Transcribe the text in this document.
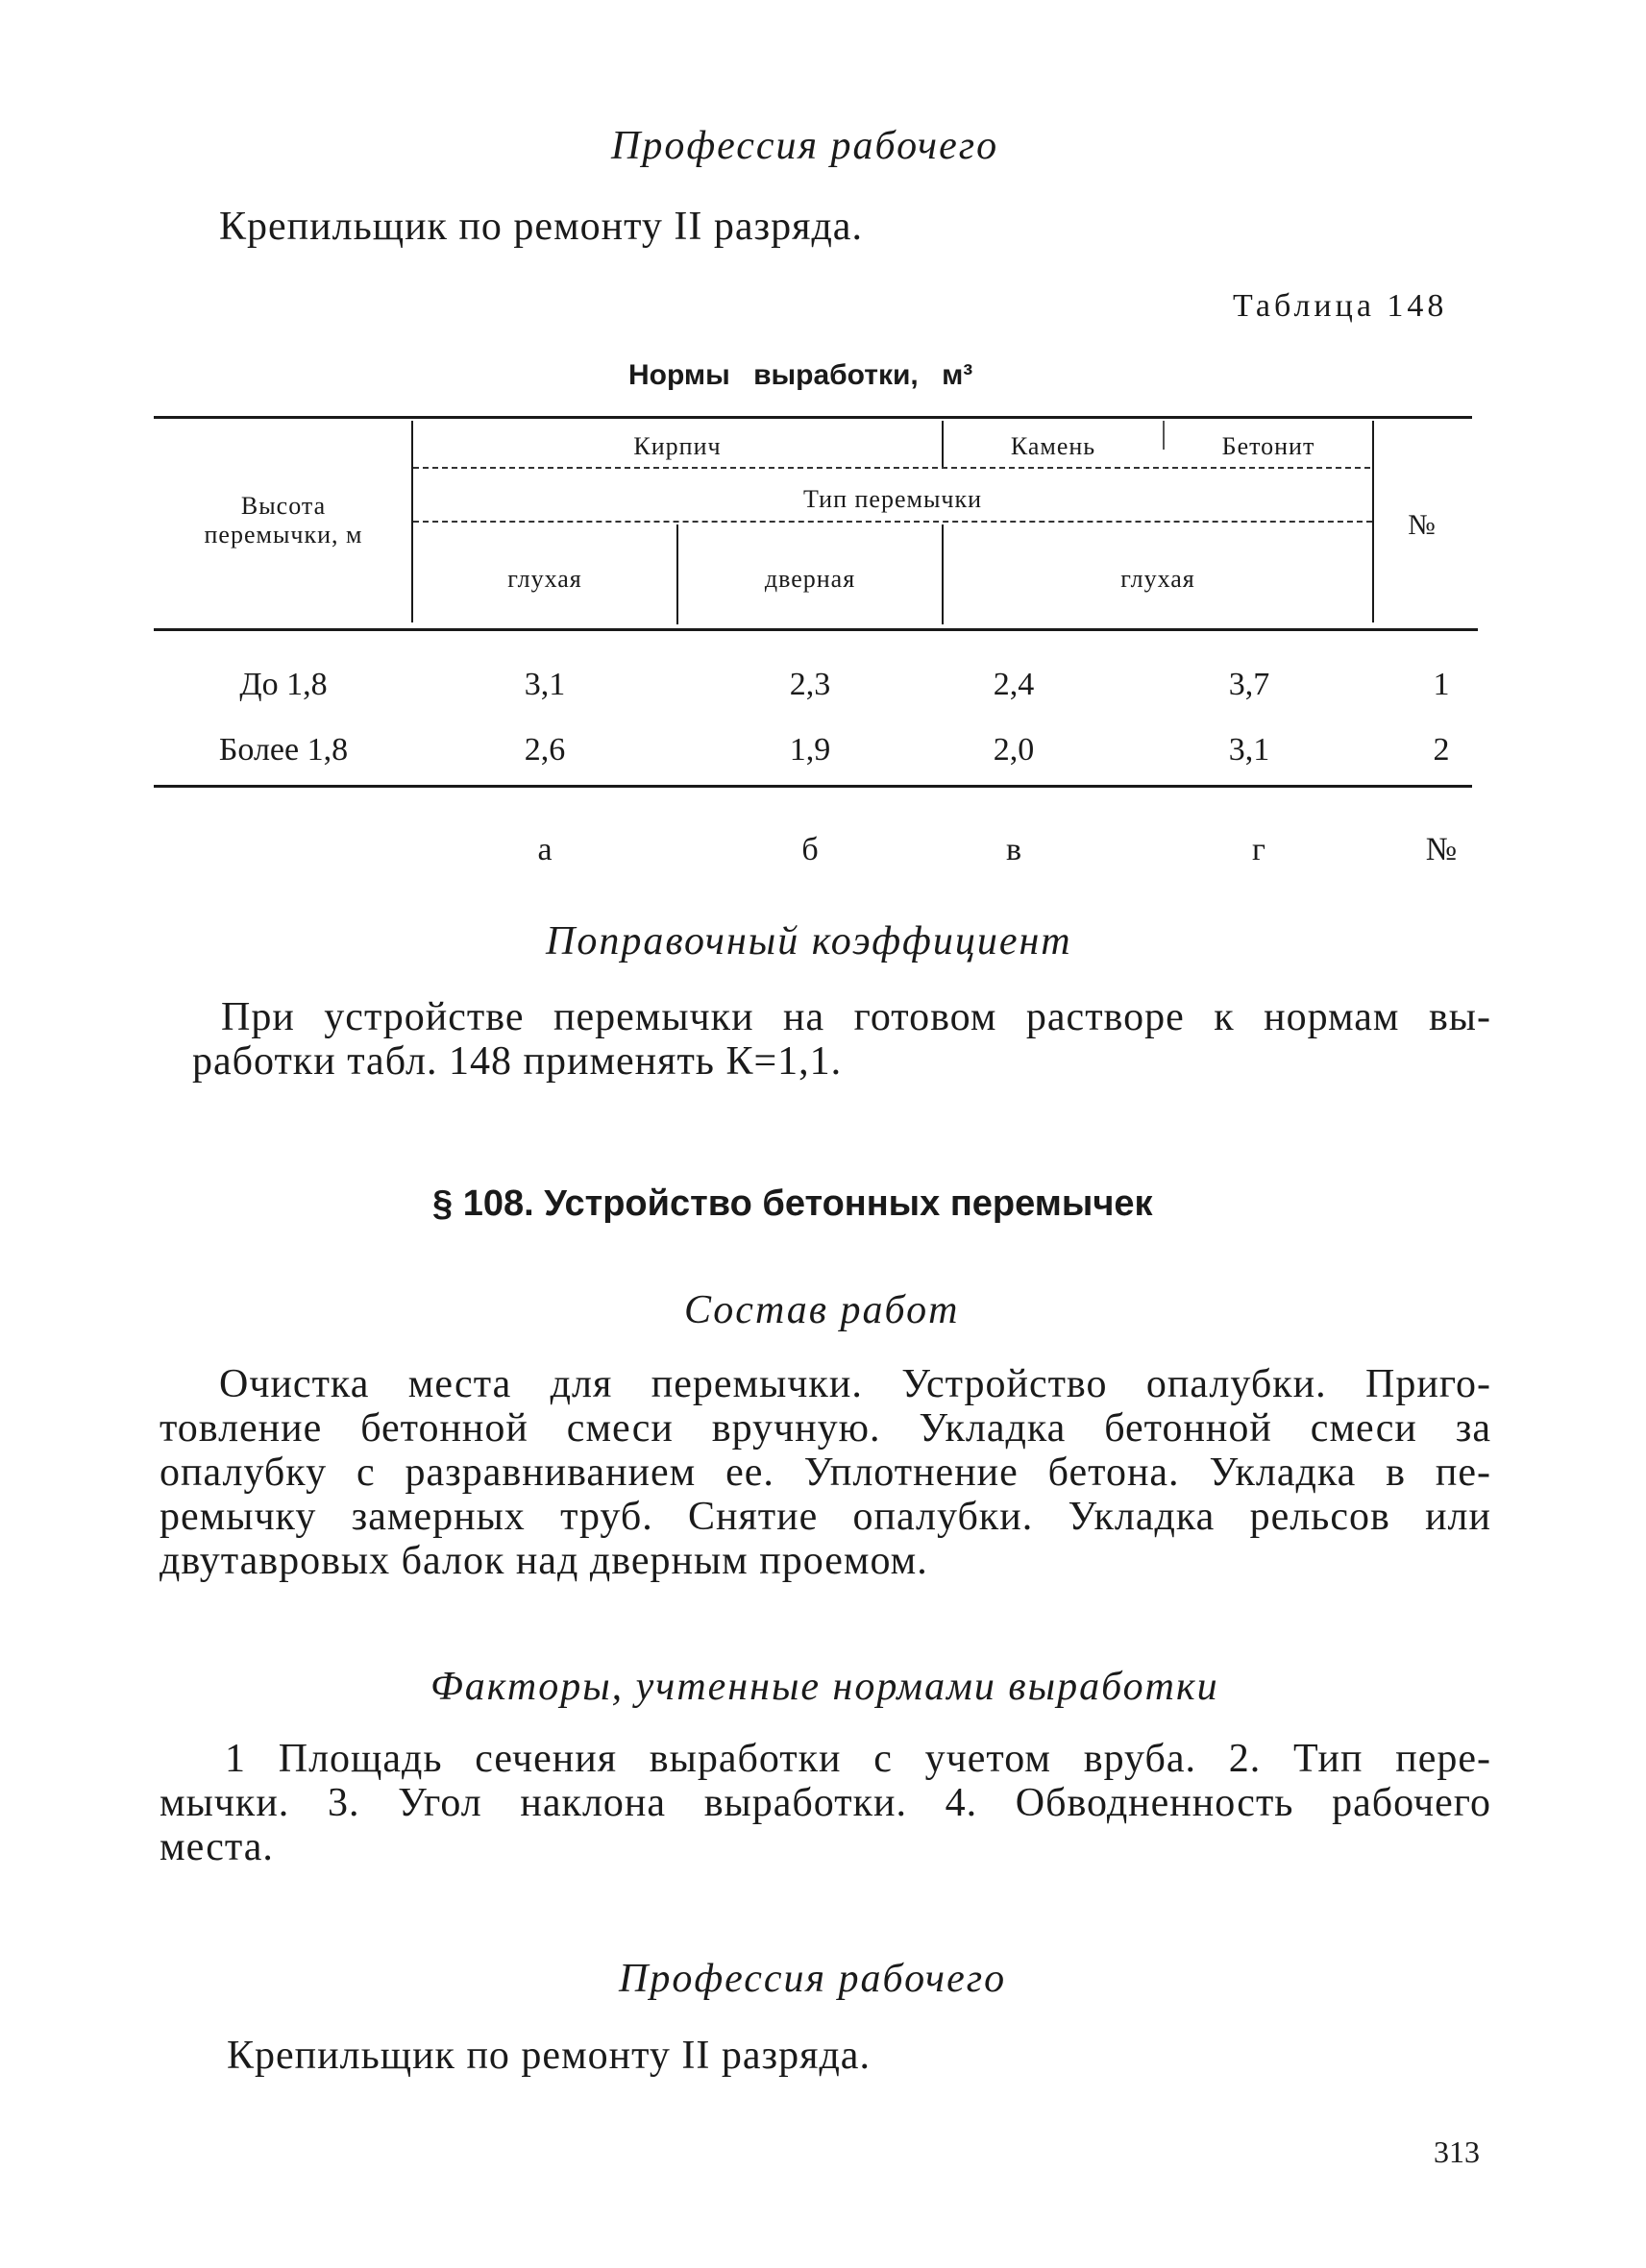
Профессия рабочего
Крепильщик по ремонту II разряда.
Таблица 148
Нормы выработки, м³
Высота
перемычки, м
Кирпич	Камень	Бетонит
Тип перемычки
глухая	дверная	глухая
№
До 1,8	3,1	2,3	2,4	3,7	1
Более 1,8	2,6	1,9	2,0	3,1	2
а	б	в	г	№
Поправочный коэффициент
При устройстве перемычки на готовом растворе к нормам вы-
работки табл. 148 применять К=1,1.
§ 108. Устройство бетонных перемычек
Состав работ
Очистка места для перемычки. Устройство опалубки. Приго-
товление бетонной смеси вручную. Укладка бетонной смеси за
опалубку с разравниванием ее. Уплотнение бетона. Укладка в пе-
ремычку замерных труб. Снятие опалубки. Укладка рельсов или
двутавровых балок над дверным проемом.
Факторы, учтенные нормами выработки
1 Площадь сечения выработки с учетом вруба. 2. Тип пере-
мычки. 3. Угол наклона выработки. 4. Обводненность рабочего
места.
Профессия рабочего
Крепильщик по ремонту II разряда.
313
